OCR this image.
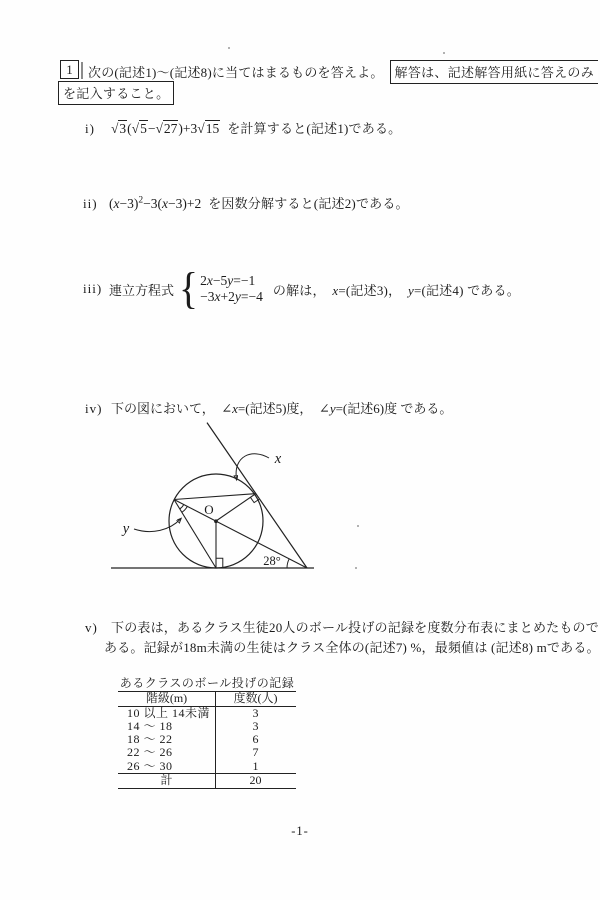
1	次の(記述1)～(記述8)に当てはまるものを答えよ。 解答は、記述解答用紙に答えのみ
を記入すること。
i)	√3(√5−√27)+3√15 を計算すると(記述1)である。
ii) $(x-3)^2-3(x-3)+2$ を因数分解すると(記述2)である。
iii) 連立方程式 { 2x−5y=−1
−3x+2y=−4 の解は，　x=(記述3)，　y=(記述4) である。
iv) 下の図において，　∠x=(記述5)度，　∠y=(記述6)度 である。
O
28°
x
y
v) 下の表は，あるクラス生徒20人のボール投げの記録を度数分布表にまとめたもので
ある。記録が18m未満の生徒はクラス全体の(記述7) %，最頻値は (記述8) mである。
あるクラスのボール投げの記録
階級(m)	度数(人)
10 以上 14未満	3
14 ～ 18	3
18 ～ 22	6
22 ～ 26	7
26 ～ 30	1
計	20
-1-
